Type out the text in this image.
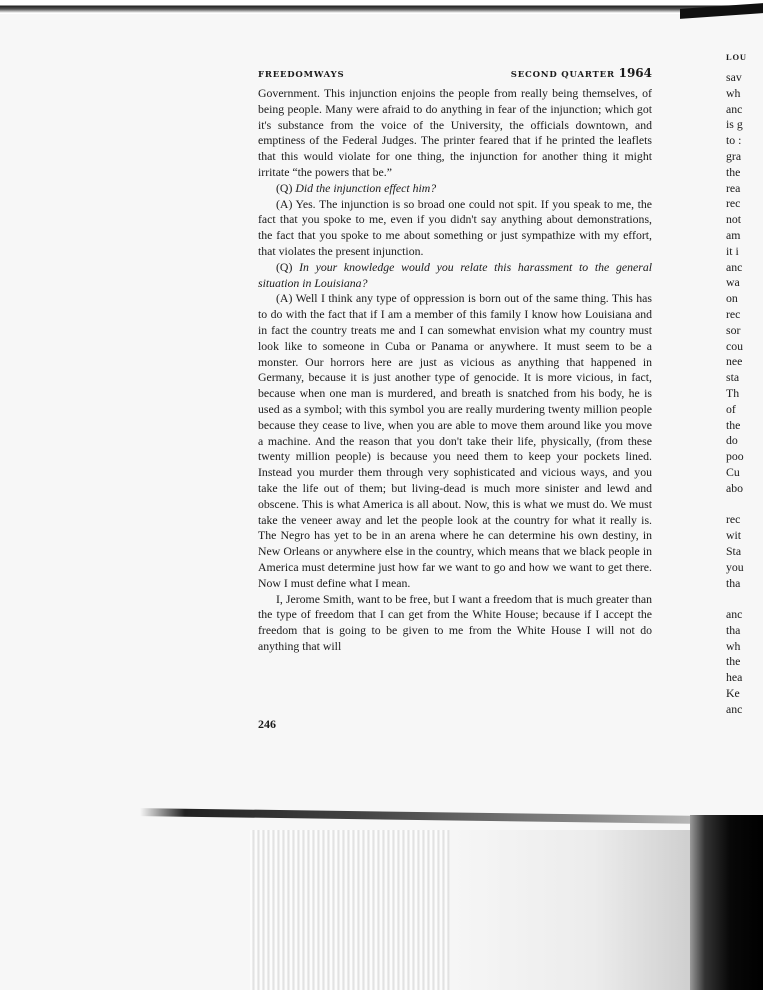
FREEDOMWAYS	SECOND QUARTER 1964

Government. This injunction enjoins the people from really being themselves, of being people. Many were afraid to do anything in fear of the injunction; which got it's substance from the voice of the University, the officials downtown, and emptiness of the Federal Judges. The printer feared that if he printed the leaflets that this would violate for one thing, the injunction for another thing it might irritate “the powers that be.”

(Q) Did the injunction effect him?

(A) Yes. The injunction is so broad one could not spit. If you speak to me, the fact that you spoke to me, even if you didn't say anything about demonstrations, the fact that you spoke to me about something or just sympathize with my effort, that violates the present injunction.

(Q) In your knowledge would you relate this harassment to the general situation in Louisiana?

(A) Well I think any type of oppression is born out of the same thing. This has to do with the fact that if I am a member of this family I know how Louisiana and in fact the country treats me and I can somewhat envision what my country must look like to someone in Cuba or Panama or anywhere. It must seem to be a monster. Our horrors here are just as vicious as anything that happened in Germany, because it is just another type of genocide. It is more vicious, in fact, because when one man is murdered, and breath is snatched from his body, he is used as a symbol; with this symbol you are really murdering twenty million people because they cease to live, when you are able to move them around like you move a machine. And the reason that you don't take their life, physically, (from these twenty million people) is because you need them to keep your pockets lined. Instead you murder them through very sophisticated and vicious ways, and you take the life out of them; but living-dead is much more sinister and lewd and obscene. This is what America is all about. Now, this is what we must do. We must take the veneer away and let the people look at the country for what it really is. The Negro has yet to be in an arena where he can determine his own destiny, in New Orleans or anywhere else in the country, which means that we black people in America must determine just how far we want to go and how we want to get there. Now I must define what I mean.

I, Jerome Smith, want to be free, but I want a freedom that is much greater than the type of freedom that I can get from the White House; because if I accept the freedom that is going to be given to me from the White House I will not do anything that will

246
LOU
sav
wh
anc
is g
to :
gra
the
rea
rec
not
am
it i
anc
wa
on
rec
sor
cou
nee
sta
Th
of
the
do
poo
Cu
abo

rec
wit
Sta
you
tha

anc
tha
wh
the
hea
Ke
anc
